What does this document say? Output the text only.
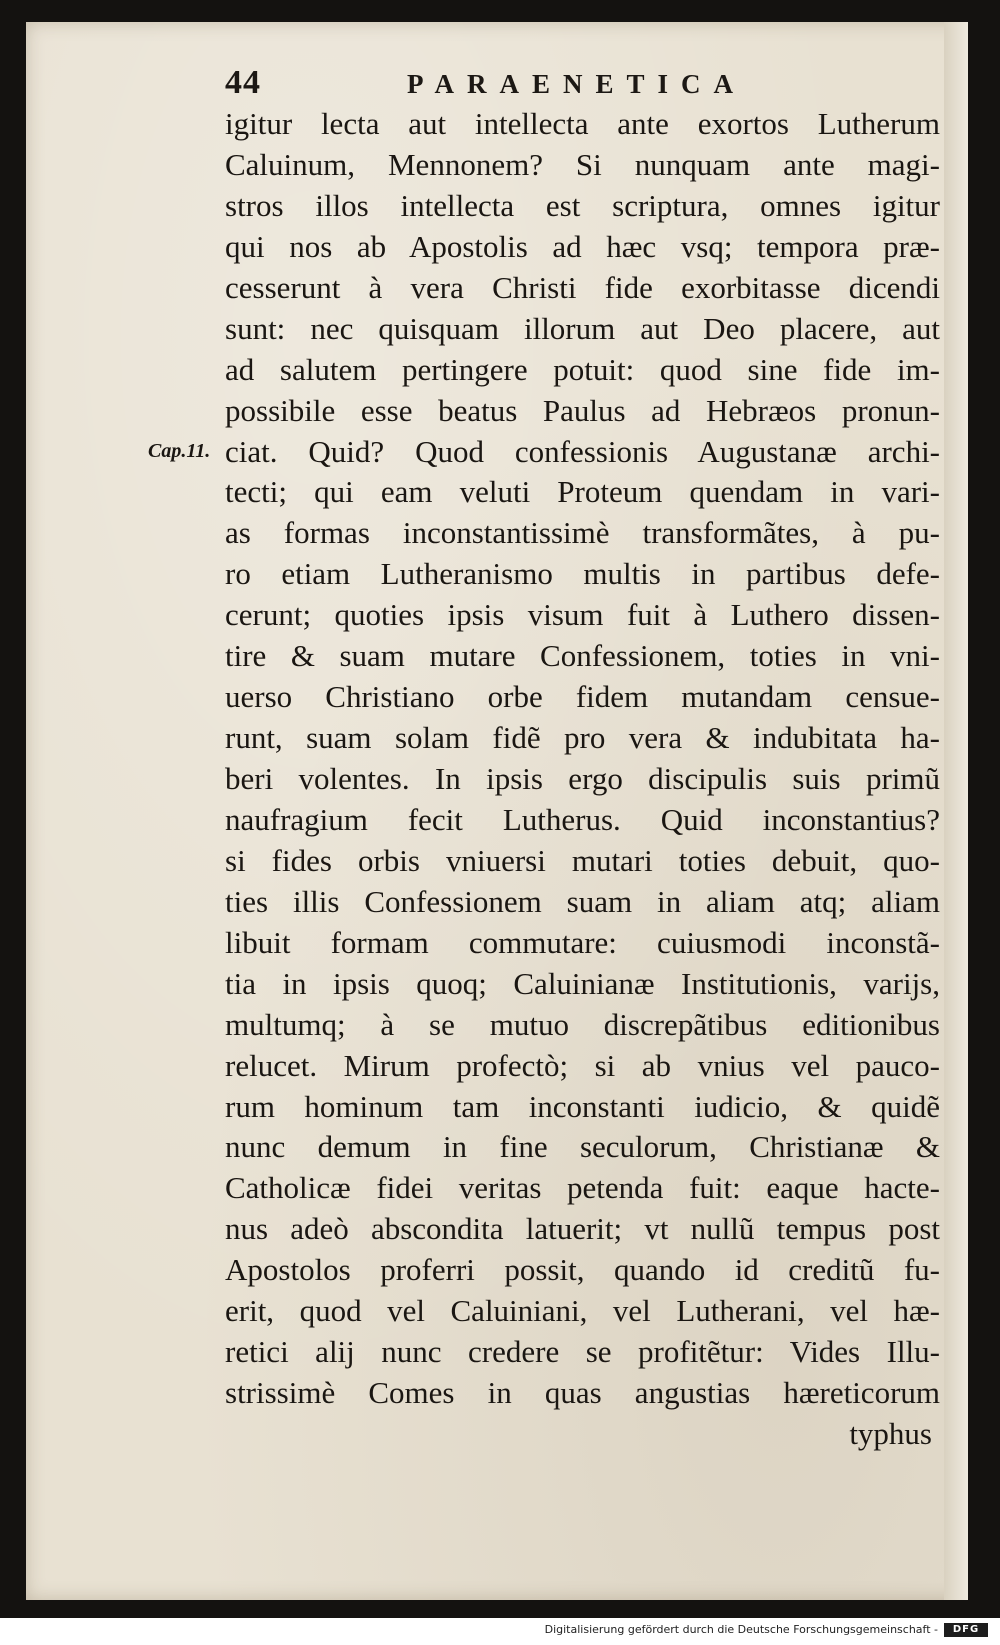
44	PARAENETICA
Cap.11.
igitur lecta aut intellecta ante exortos Lutherum
Caluinum, Mennonem? Si nunquam ante magi-
stros illos intellecta est scriptura, omnes igitur
qui nos ab Apostolis ad hæc vsq; tempora præ-
cesserunt à vera Christi fide exorbitasse dicendi
sunt: nec quisquam illorum aut Deo placere, aut
ad salutem pertingere potuit: quod sine fide im-
possibile esse beatus Paulus ad Hebræos pronun-
ciat. Quid? Quod confessionis Augustanæ archi-
tecti; qui eam veluti Proteum quendam in vari-
as formas inconstantissimè transformãtes, à pu-
ro etiam Lutheranismo multis in partibus defe-
cerunt; quoties ipsis visum fuit à Luthero dissen-
tire & suam mutare Confessionem, toties in vni-
uerso Christiano orbe fidem mutandam censue-
runt, suam solam fidẽ pro vera & indubitata ha-
beri volentes. In ipsis ergo discipulis suis primũ
naufragium fecit Lutherus. Quid inconstantius?
si fides orbis vniuersi mutari toties debuit, quo-
ties illis Confessionem suam in aliam atq; aliam
libuit formam commutare: cuiusmodi inconstã-
tia in ipsis quoq; Caluinianæ Institutionis, varijs,
multumq; à se mutuo discrepãtibus editionibus
relucet. Mirum profectò; si ab vnius vel pauco-
rum hominum tam inconstanti iudicio, & quidẽ
nunc demum in fine seculorum, Christianæ &
Catholicæ fidei veritas petenda fuit: eaque hacte-
nus adeò abscondita latuerit; vt nullũ tempus post
Apostolos proferri possit, quando id creditũ fu-
erit, quod vel Caluiniani, vel Lutherani, vel hæ-
retici alij nunc credere se profitẽtur: Vides Illu-
strissimè Comes in quas angustias hæreticorum
typhus
Digitalisierung gefördert durch die Deutsche Forschungsgemeinschaft -	DFG
